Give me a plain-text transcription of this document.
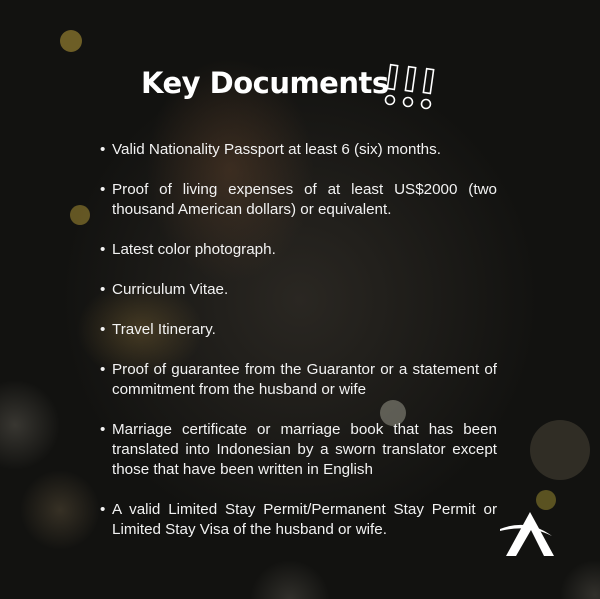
Key Documents
• Valid Nationality Passport at least 6 (six) months.
• Proof of living expenses of at least US$2000 (two thousand American dollars) or equivalent.
• Latest color photograph.
• Curriculum Vitae.
• Travel Itinerary.
• Proof of guarantee from the Guarantor or a statement of commitment from the husband or wife
• Marriage certificate or marriage book that has been translated into Indonesian by a sworn translator except those that have been written in English
• A valid Limited Stay Permit/Permanent Stay Permit or Limited Stay Visa of the husband or wife.
